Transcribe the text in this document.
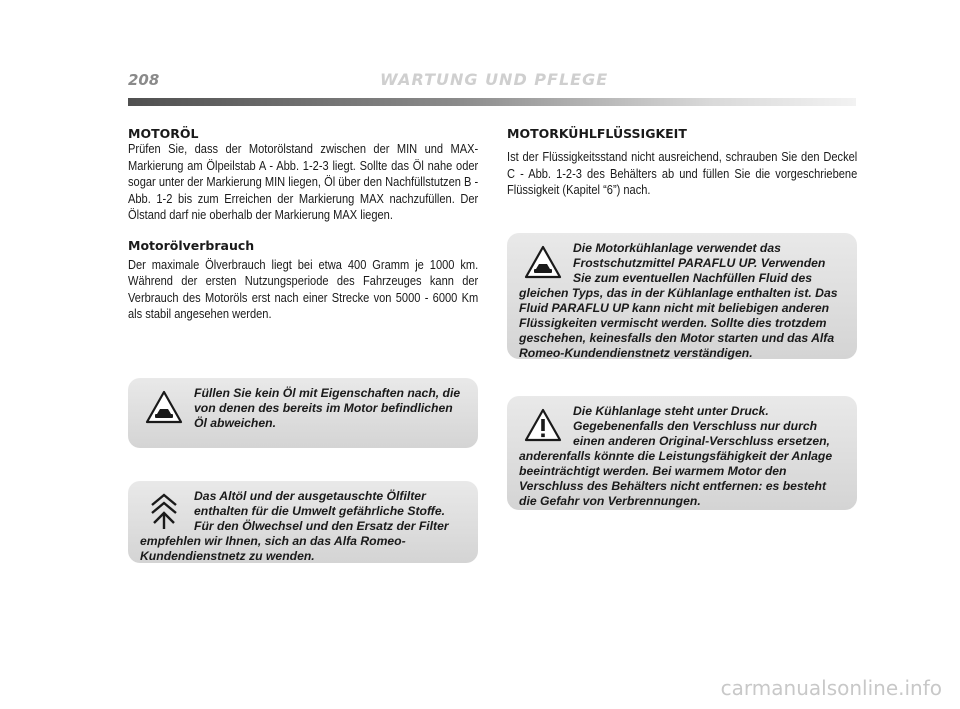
208	WARTUNG UND PFLEGE
MOTORÖL

Prüfen Sie, dass der Motorölstand zwischen der MIN und MAX-Markierung am Ölpeilstab A - Abb. 1-2-3 liegt. Sollte das Öl nahe oder sogar unter der Markierung MIN liegen, Öl über den Nachfüllstutzen B - Abb. 1-2 bis zum Erreichen der Markierung MAX nachzufüllen. Der Ölstand darf nie oberhalb der Markierung MAX liegen.

Motorölverbrauch

Der maximale Ölverbrauch liegt bei etwa 400 Gramm je 1000 km. Während der ersten Nutzungsperiode des Fahrzeuges kann der Verbrauch des Motoröls erst nach einer Strecke von 5000 - 6000 Km als stabil angesehen werden.

Füllen Sie kein Öl mit Eigenschaften nach, die von denen des bereits im Motor befindlichen Öl abweichen.

Das Altöl und der ausgetauschte Ölfilter enthalten für die Umwelt gefährliche Stoffe. Für den Ölwechsel und den Ersatz der Filter empfehlen wir Ihnen, sich an das Alfa Romeo-Kundendienstnetz zu wenden.

MOTORKÜHLFLÜSSIGKEIT

Ist der Flüssigkeitsstand nicht ausreichend, schrauben Sie den Deckel C - Abb. 1-2-3 des Behälters ab und füllen Sie die vorgeschriebene Flüssigkeit (Kapitel “6”) nach.

Die Motorkühlanlage verwendet das Frostschutzmittel PARAFLU UP. Verwenden Sie zum eventuellen Nachfüllen Fluid des gleichen Typs, das in der Kühlanlage enthalten ist. Das Fluid PARAFLU UP kann nicht mit beliebigen anderen Flüssigkeiten vermischt werden. Sollte dies trotzdem geschehen, keinesfalls den Motor starten und das Alfa Romeo-Kundendienstnetz verständigen.

Die Kühlanlage steht unter Druck. Gegebenenfalls den Verschluss nur durch einen anderen Original-Verschluss ersetzen, anderenfalls könnte die Leistungsfähigkeit der Anlage beeinträchtigt werden. Bei warmem Motor den Verschluss des Behälters nicht entfernen: es besteht die Gefahr von Verbrennungen.

carmanualsonline.info
